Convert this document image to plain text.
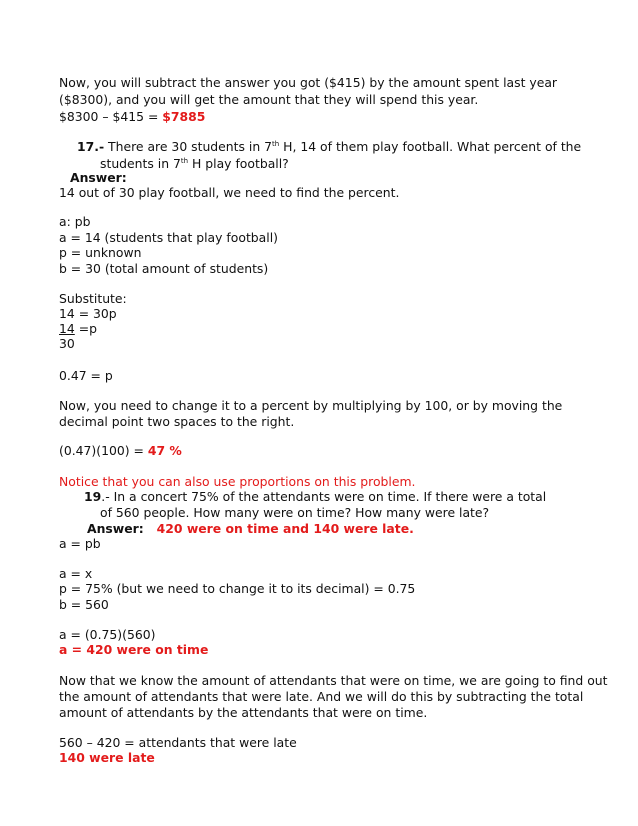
Now, you will subtract the answer you got ($415) by the amount spent last year
($8300), and you will get the amount that they will spend this year.
$8300 – $415 = $7885
17.- There are 30 students in 7th H, 14 of them play football. What percent of the
students in 7th H play football?
Answer:
14 out of 30 play football, we need to find the percent.
a: pb
a = 14 (students that play football)
p = unknown
b = 30 (total amount of students)
Substitute:
14 = 30p
14 =p
30
0.47 = p
Now, you need to change it to a percent by multiplying by 100, or by moving the
decimal point two spaces to the right.
(0.47)(100) = 47 %
Notice that you can also use proportions on this problem.
19.- In a concert 75% of the attendants were on time. If there were a total
of 560 people. How many were on time? How many were late?
Answer: 420 were on time and 140 were late.
a = pb
a = x
p = 75% (but we need to change it to its decimal) = 0.75
b = 560
a = (0.75)(560)
a = 420 were on time
Now that we know the amount of attendants that were on time, we are going to find out
the amount of attendants that were late. And we will do this by subtracting the total
amount of attendants by the attendants that were on time.
560 – 420 = attendants that were late
140 were late
